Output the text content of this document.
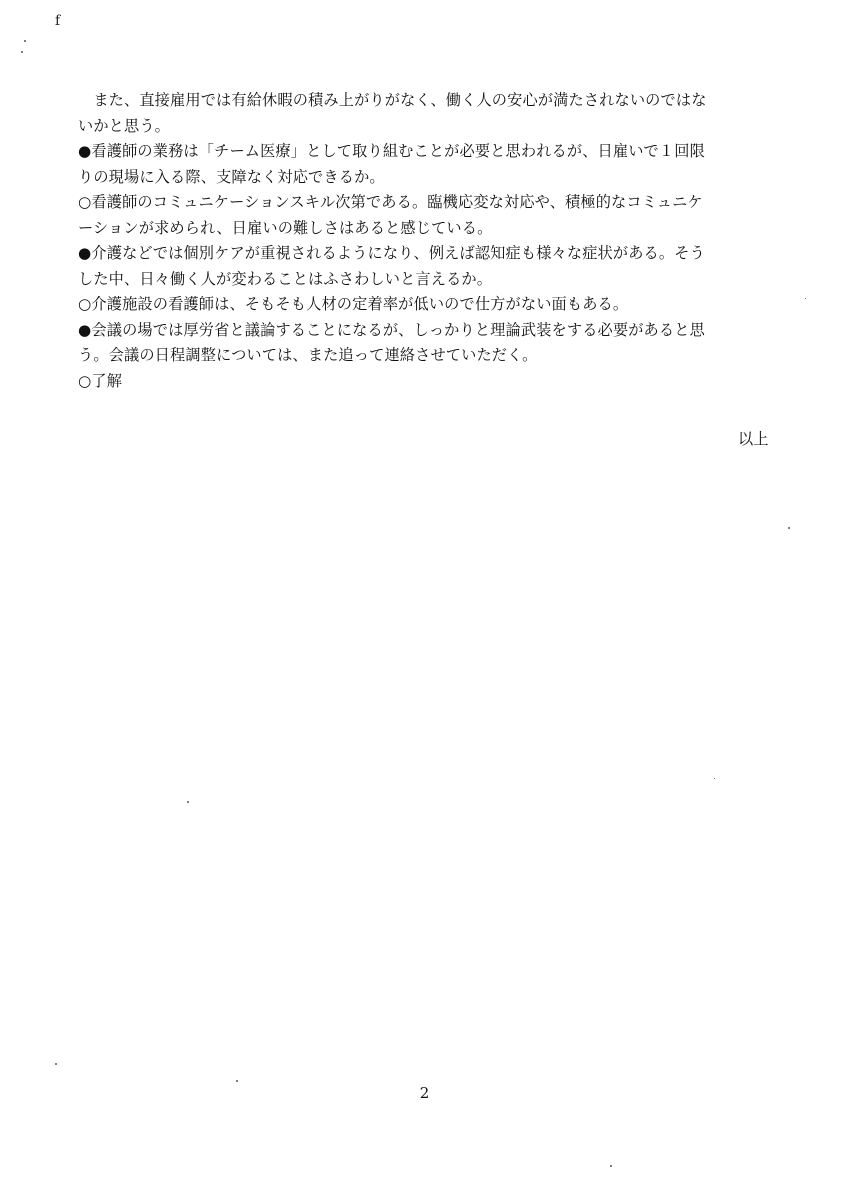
f
　また、直接雇用では有給休暇の積み上がりがなく、働く人の安心が満たされないのではな
いかと思う。
●看護師の業務は「チーム医療」として取り組むことが必要と思われるが、日雇いで１回限
りの現場に入る際、支障なく対応できるか。
○看護師のコミュニケーションスキル次第である。臨機応変な対応や、積極的なコミュニケ
ーションが求められ、日雇いの難しさはあると感じている。
●介護などでは個別ケアが重視されるようになり、例えば認知症も様々な症状がある。そう
した中、日々働く人が変わることはふさわしいと言えるか。
○介護施設の看護師は、そもそも人材の定着率が低いので仕方がない面もある。
●会議の場では厚労省と議論することになるが、しっかりと理論武装をする必要があると思
う。会議の日程調整については、また追って連絡させていただく。
○了解
以上
2
